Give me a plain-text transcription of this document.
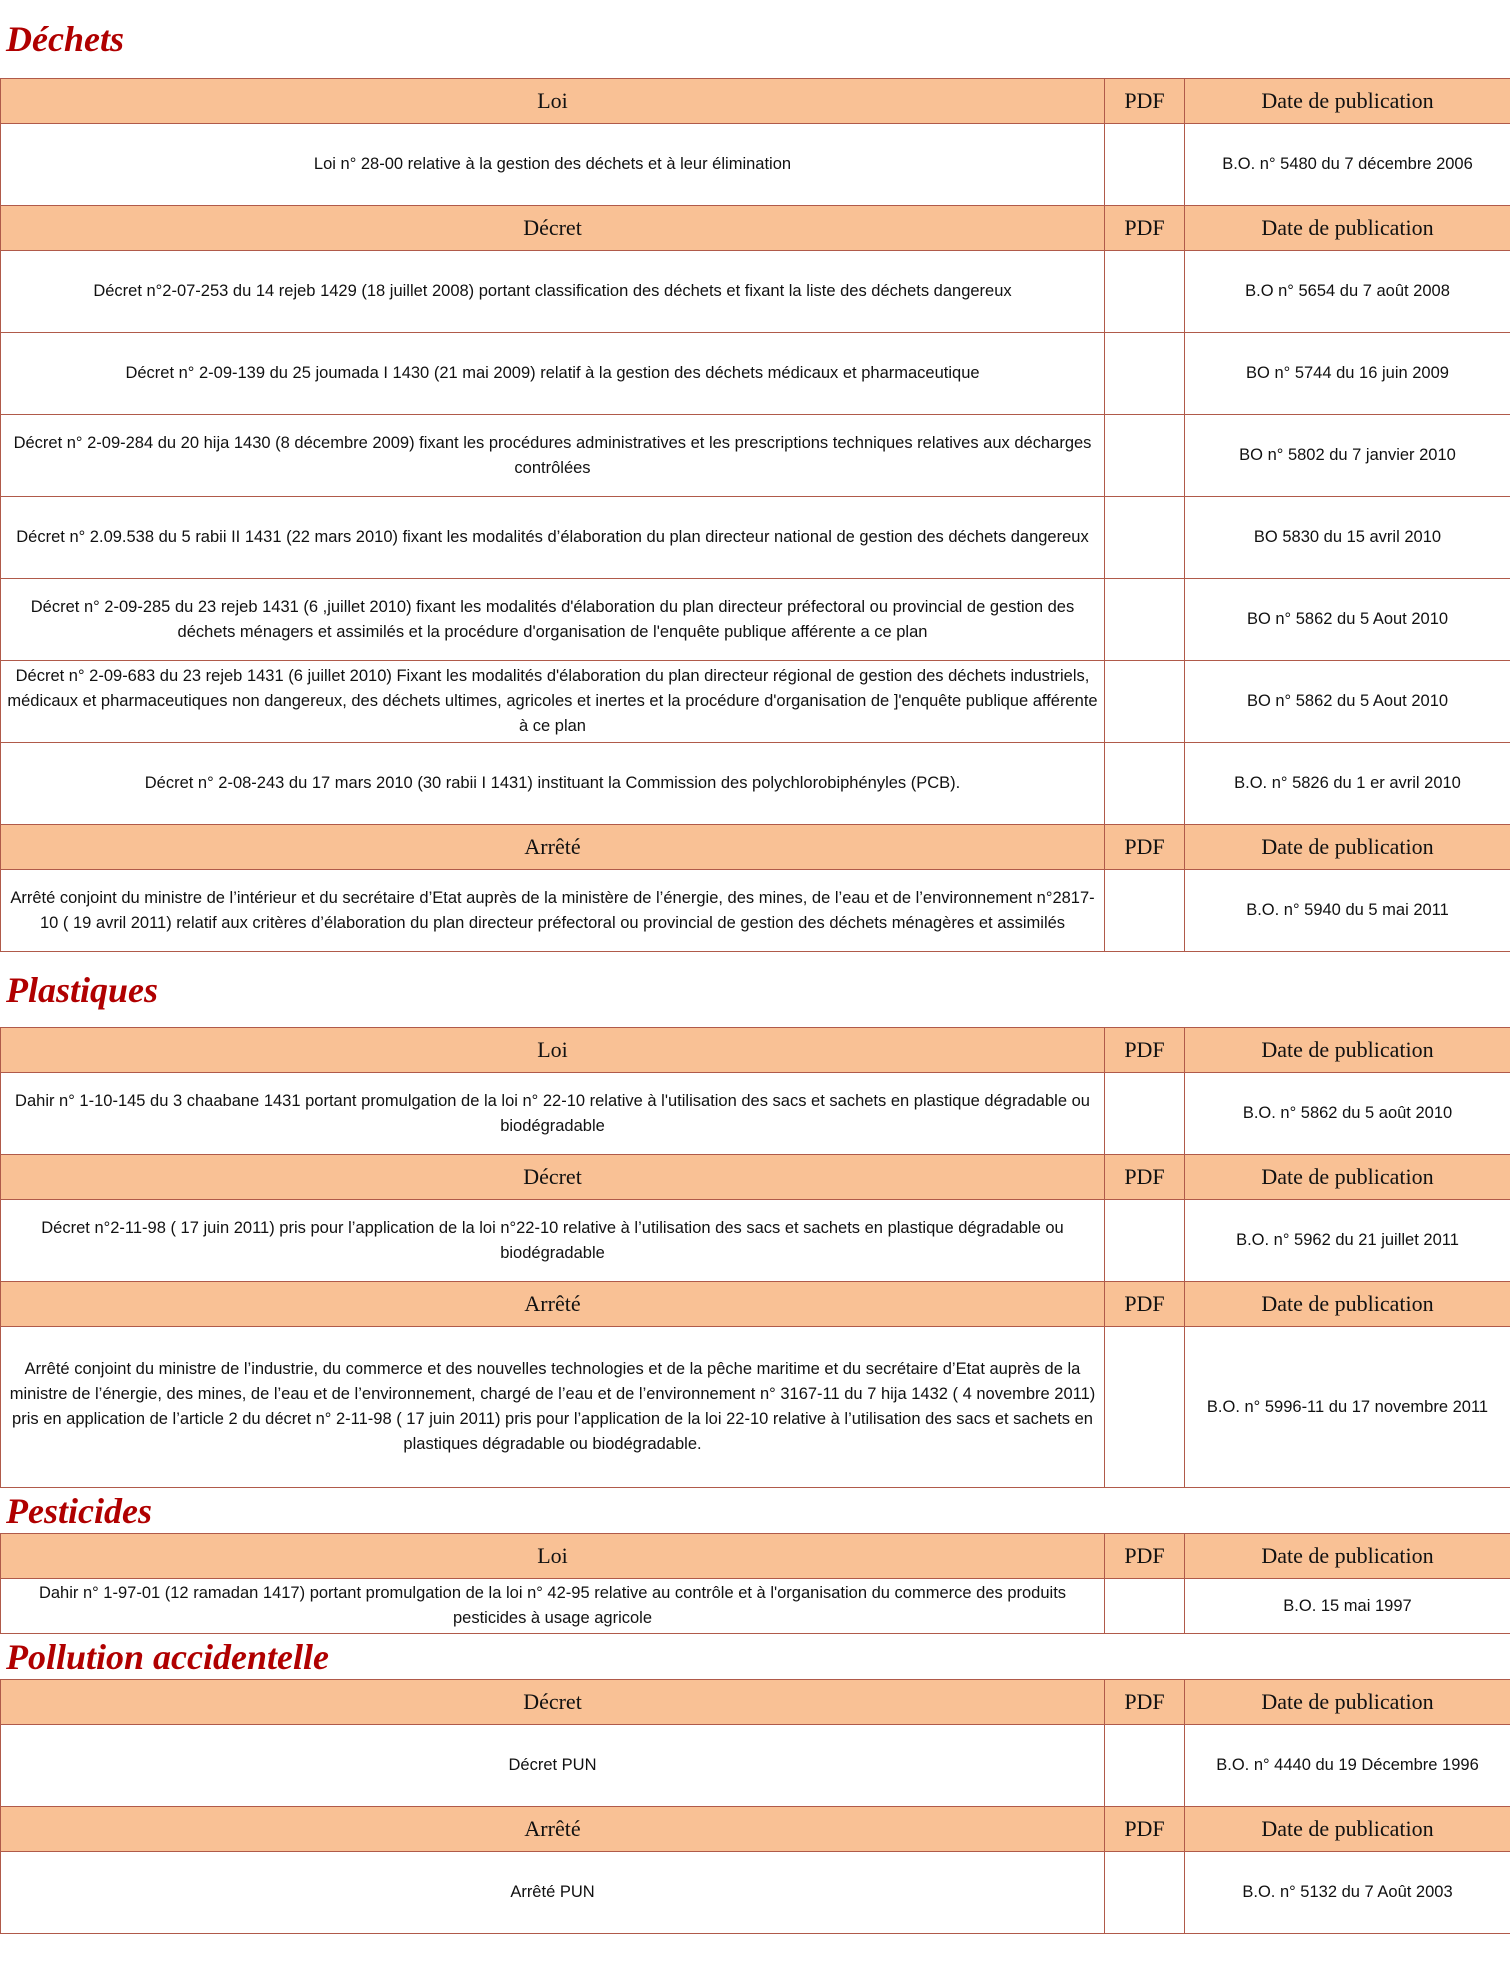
Déchets
Loi	PDF	Date de publication
Loi n° 28-00 relative à la gestion des déchets et à leur élimination		B.O. n° 5480 du 7 décembre 2006
Décret	PDF	Date de publication
Décret n°2-07-253 du 14 rejeb 1429 (18 juillet 2008) portant classification des déchets et fixant la liste des déchets dangereux		B.O n° 5654 du 7 août 2008
Décret n° 2-09-139 du 25 joumada I 1430 (21 mai 2009) relatif à la gestion des déchets médicaux et pharmaceutique		BO n° 5744 du 16 juin 2009
Décret n° 2-09-284 du 20 hija 1430 (8 décembre 2009) fixant les procédures administratives et les prescriptions techniques relatives aux décharges contrôlées		BO n° 5802 du 7 janvier 2010
Décret n° 2.09.538 du 5 rabii II 1431 (22 mars 2010) fixant les modalités d’élaboration du plan directeur national de gestion des déchets dangereux		BO 5830 du 15 avril 2010
Décret n° 2-09-285 du 23 rejeb 1431 (6 ,juillet 2010) fixant les modalités d'élaboration du plan directeur préfectoral ou provincial de gestion des déchets ménagers et assimilés et la procédure d'organisation de l'enquête publique afférente a ce plan		BO n° 5862 du 5 Aout 2010
Décret n° 2-09-683 du 23 rejeb 1431 (6 juillet 2010) Fixant les modalités d'élaboration du plan directeur régional de gestion des déchets industriels, médicaux et pharmaceutiques non dangereux, des déchets ultimes, agricoles et inertes et la procédure d'organisation de ]'enquête publique afférente à ce plan		BO n° 5862 du 5 Aout 2010
Décret n° 2-08-243 du 17 mars 2010 (30 rabii I 1431) instituant la Commission des polychlorobiphényles (PCB).		B.O. n° 5826 du 1 er avril 2010
Arrêté	PDF	Date de publication
Arrêté conjoint du ministre de l’intérieur et du secrétaire d’Etat auprès de la ministère de l’énergie, des mines, de l’eau et de l’environnement n°2817-10 ( 19 avril 2011) relatif aux critères d’élaboration du plan directeur préfectoral ou provincial de gestion des déchets ménagères et assimilés		B.O. n° 5940 du 5 mai 2011
Plastiques
Loi	PDF	Date de publication
Dahir n° 1-10-145 du 3 chaabane 1431 portant promulgation de la loi n° 22-10 relative à l'utilisation des sacs et sachets en plastique dégradable ou biodégradable		B.O. n° 5862 du 5 août 2010
Décret	PDF	Date de publication
Décret n°2-11-98 ( 17 juin 2011) pris pour l’application de la loi n°22-10 relative à l’utilisation des sacs et sachets en plastique dégradable ou biodégradable		B.O. n° 5962 du 21 juillet 2011
Arrêté	PDF	Date de publication
Arrêté conjoint du ministre de l’industrie, du commerce et des nouvelles technologies et de la pêche maritime et du secrétaire d’Etat auprès de la ministre de l’énergie, des mines, de l’eau et de l’environnement, chargé de l’eau et de l’environnement n° 3167-11 du 7 hija 1432 ( 4 novembre 2011) pris en application de l’article 2 du décret n° 2-11-98 ( 17 juin 2011) pris pour l’application de la loi 22-10 relative à l’utilisation des sacs et sachets en plastiques dégradable ou biodégradable.		B.O. n° 5996-11 du 17 novembre 2011
Pesticides
Loi	PDF	Date de publication
Dahir n° 1-97-01 (12 ramadan 1417) portant promulgation de la loi n° 42-95 relative au contrôle et à l'organisation du commerce des produits pesticides à usage agricole		B.O. 15 mai 1997
Pollution accidentelle
Décret	PDF	Date de publication
Décret PUN		B.O. n° 4440 du 19 Décembre 1996
Arrêté	PDF	Date de publication
Arrêté PUN		B.O. n° 5132 du 7 Août 2003
